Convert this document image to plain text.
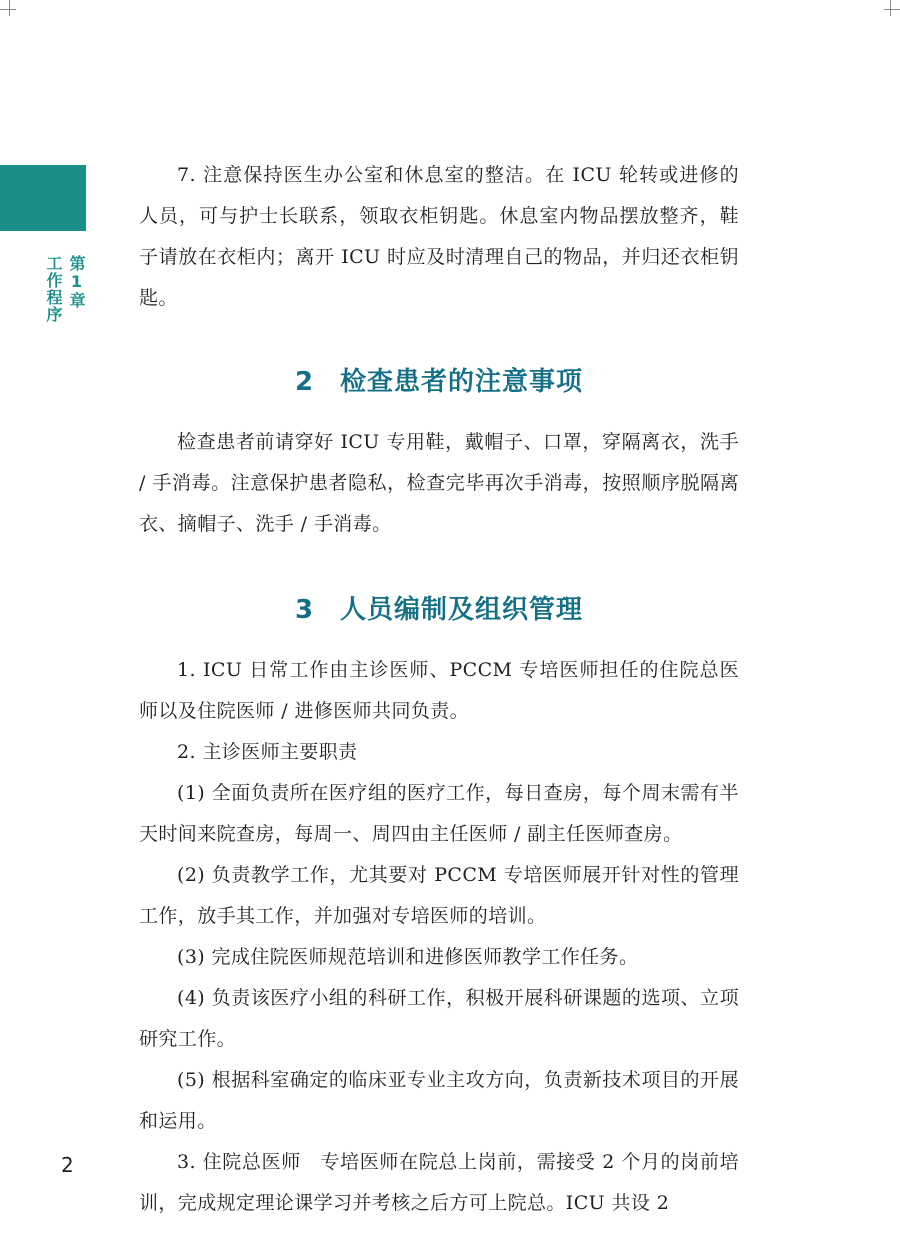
第1章
工作程序

7. 注意保持医生办公室和休息室的整洁。在 ICU 轮转或进修的人员，可与护士长联系，领取衣柜钥匙。休息室内物品摆放整齐，鞋子请放在衣柜内；离开 ICU 时应及时清理自己的物品，并归还衣柜钥匙。

2 检查患者的注意事项

检查患者前请穿好 ICU 专用鞋，戴帽子、口罩，穿隔离衣，洗手 / 手消毒。注意保护患者隐私，检查完毕再次手消毒，按照顺序脱隔离衣、摘帽子、洗手 / 手消毒。

3 人员编制及组织管理

1. ICU 日常工作由主诊医师、PCCM 专培医师担任的住院总医师以及住院医师 / 进修医师共同负责。

2. 主诊医师主要职责

(1) 全面负责所在医疗组的医疗工作，每日查房，每个周末需有半天时间来院查房，每周一、周四由主任医师 / 副主任医师查房。

(2) 负责教学工作，尤其要对 PCCM 专培医师展开针对性的管理工作，放手其工作，并加强对专培医师的培训。

(3) 完成住院医师规范培训和进修医师教学工作任务。

(4) 负责该医疗小组的科研工作，积极开展科研课题的选项、立项研究工作。

(5) 根据科室确定的临床亚专业主攻方向，负责新技术项目的开展和运用。

3. 住院总医师　专培医师在院总上岗前，需接受 2 个月的岗前培训，完成规定理论课学习并考核之后方可上院总。ICU 共设 2

2
